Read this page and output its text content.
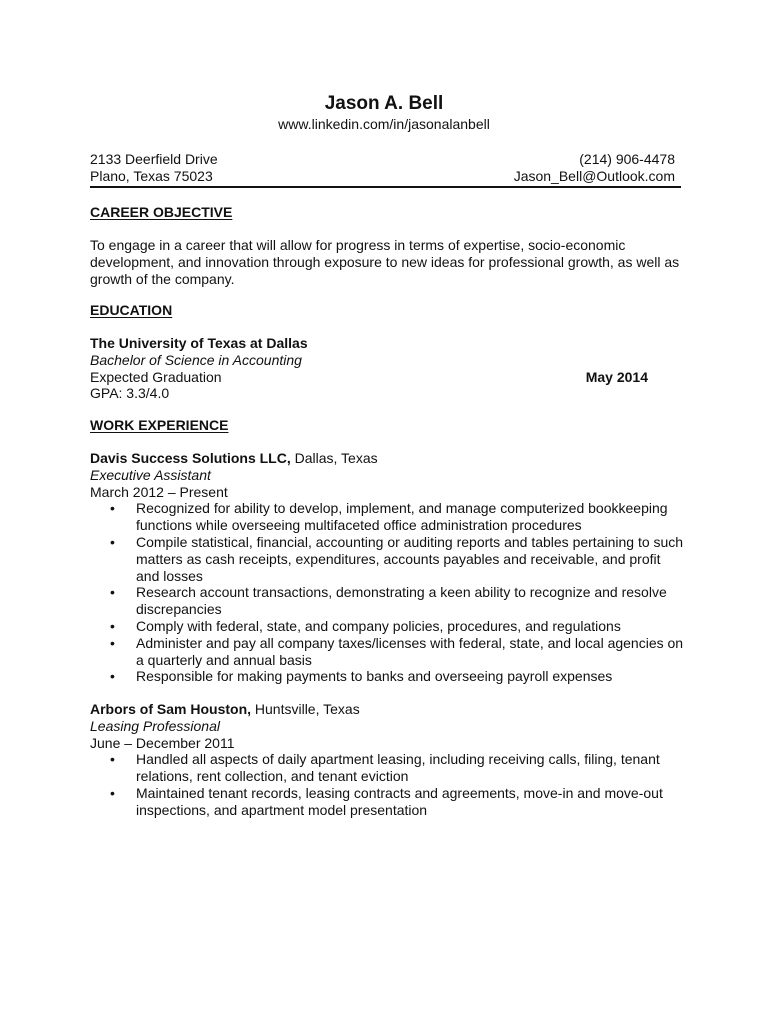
Jason A. Bell
www.linkedin.com/in/jasonalanbell
2133 Deerfield Drive	(214) 906-4478
Plano, Texas 75023	Jason_Bell@Outlook.com
CAREER OBJECTIVE
To engage in a career that will allow for progress in terms of expertise, socio-economic
development, and innovation through exposure to new ideas for professional growth, as well as
growth of the company.
EDUCATION
The University of Texas at Dallas
Bachelor of Science in Accounting
Expected Graduation	May 2014
GPA: 3.3/4.0
WORK EXPERIENCE
Davis Success Solutions LLC, Dallas, Texas
Executive Assistant
March 2012 – Present
• Recognized for ability to develop, implement, and manage computerized bookkeeping
functions while overseeing multifaceted office administration procedures
• Compile statistical, financial, accounting or auditing reports and tables pertaining to such
matters as cash receipts, expenditures, accounts payables and receivable, and profit
and losses
• Research account transactions, demonstrating a keen ability to recognize and resolve
discrepancies
• Comply with federal, state, and company policies, procedures, and regulations
• Administer and pay all company taxes/licenses with federal, state, and local agencies on
a quarterly and annual basis
• Responsible for making payments to banks and overseeing payroll expenses
Arbors of Sam Houston, Huntsville, Texas
Leasing Professional
June – December 2011
• Handled all aspects of daily apartment leasing, including receiving calls, filing, tenant
relations, rent collection, and tenant eviction
• Maintained tenant records, leasing contracts and agreements, move-in and move-out
inspections, and apartment model presentation
